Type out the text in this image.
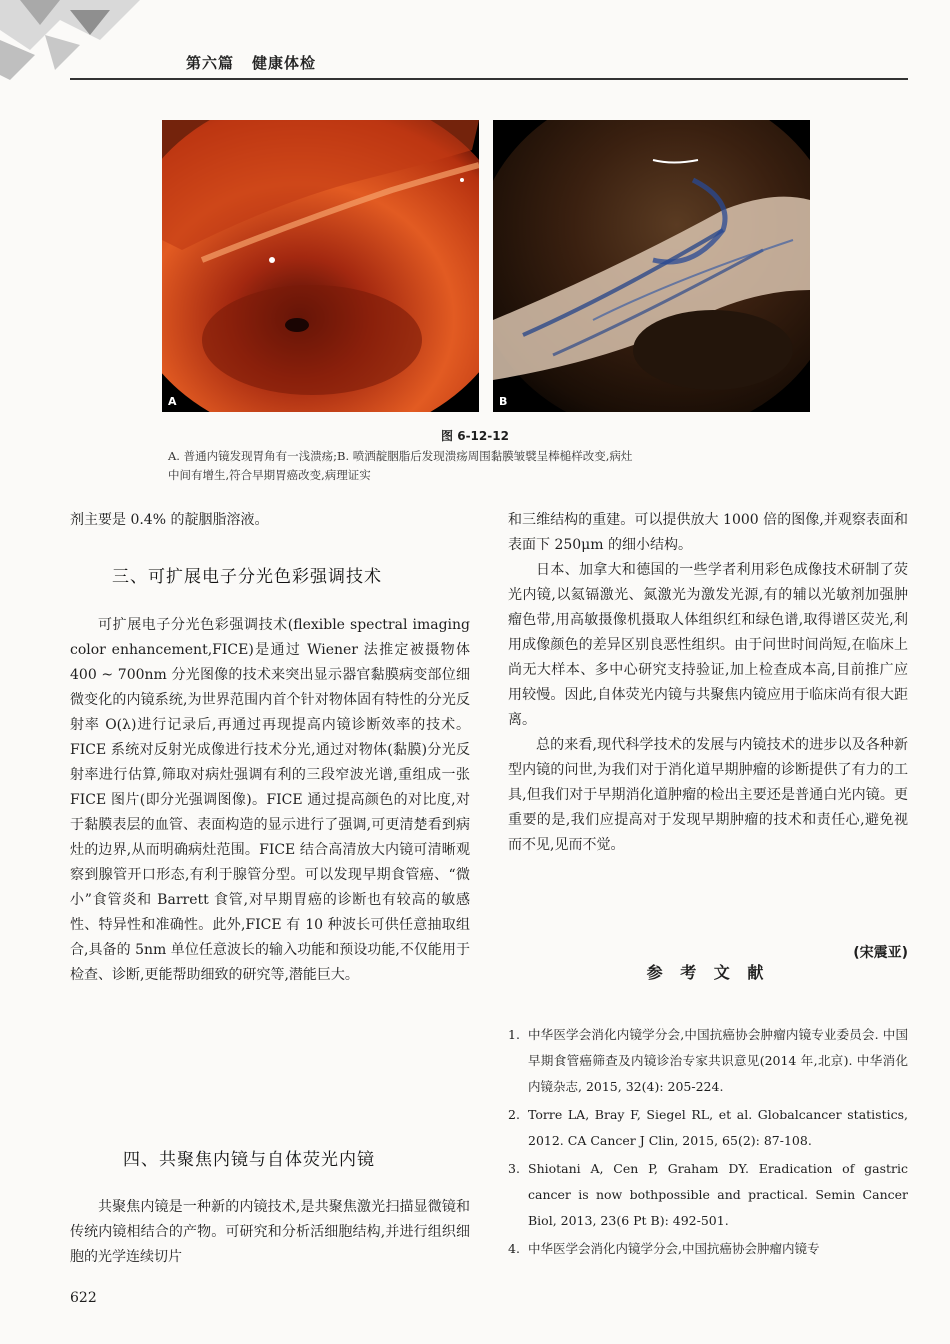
第六篇 健康体检
A	B
图 6-12-12

A. 普通内镜发现胃角有一浅溃疡;B. 喷洒靛胭脂后发现溃疡周围黏膜皱襞呈棒槌样改变,病灶

中间有增生,符合早期胃癌改变,病理证实

剂主要是 0.4% 的靛胭脂溶液。

三、可扩展电子分光色彩强调技术

可扩展电子分光色彩强调技术(flexible spectral imaging color enhancement,FICE)是通过 Wiener 法推定被摄物体 400 ~ 700nm 分光图像的技术来突出显示器官黏膜病变部位细微变化的内镜系统,为世界范围内首个针对物体固有特性的分光反射率 O(λ)进行记录后,再通过再现提高内镜诊断效率的技术。FICE 系统对反射光成像进行技术分光,通过对物体(黏膜)分光反射率进行估算,筛取对病灶强调有利的三段窄波光谱,重组成一张 FICE 图片(即分光强调图像)。FICE 通过提高颜色的对比度,对于黏膜表层的血管、表面构造的显示进行了强调,可更清楚看到病灶的边界,从而明确病灶范围。FICE 结合高清放大内镜可清晰观察到腺管开口形态,有利于腺管分型。可以发现早期食管癌、“微小”食管炎和 Barrett 食管,对早期胃癌的诊断也有较高的敏感性、特异性和准确性。此外,FICE 有 10 种波长可供任意抽取组合,具备的 5nm 单位任意波长的输入功能和预设功能,不仅能用于检查、诊断,更能帮助细致的研究等,潜能巨大。

四、共聚焦内镜与自体荧光内镜

共聚焦内镜是一种新的内镜技术,是共聚焦激光扫描显微镜和传统内镜相结合的产物。可研究和分析活细胞结构,并进行组织细胞的光学连续切片

和三维结构的重建。可以提供放大 1000 倍的图像,并观察表面和表面下 250μm 的细小结构。

日本、加拿大和德国的一些学者利用彩色成像技术研制了荧光内镜,以氦镉激光、氮激光为激发光源,有的辅以光敏剂加强肿瘤色带,用高敏摄像机摄取人体组织红和绿色谱,取得谱区荧光,利用成像颜色的差异区别良恶性组织。由于问世时间尚短,在临床上尚无大样本、多中心研究支持验证,加上检查成本高,目前推广应用较慢。因此,自体荧光内镜与共聚焦内镜应用于临床尚有很大距离。

总的来看,现代科学技术的发展与内镜技术的进步以及各种新型内镜的问世,为我们对于消化道早期肿瘤的诊断提供了有力的工具,但我们对于早期消化道肿瘤的检出主要还是普通白光内镜。更重要的是,我们应提高对于发现早期肿瘤的技术和责任心,避免视而不见,见而不觉。

(宋震亚)
参 考 文 献
1. 中华医学会消化内镜学分会,中国抗癌协会肿瘤内镜专业委员会. 中国早期食管癌筛查及内镜诊治专家共识意见(2014 年,北京). 中华消化内镜杂志, 2015, 32(4): 205-224.
2. Torre LA, Bray F, Siegel RL, et al. Globalcancer statistics, 2012. CA Cancer J Clin, 2015, 65(2): 87-108.
3. Shiotani A, Cen P, Graham DY. Eradication of gastric cancer is now bothpossible and practical. Semin Cancer Biol, 2013, 23(6 Pt B): 492-501.
4. 中华医学会消化内镜学分会,中国抗癌协会肿瘤内镜专
622
